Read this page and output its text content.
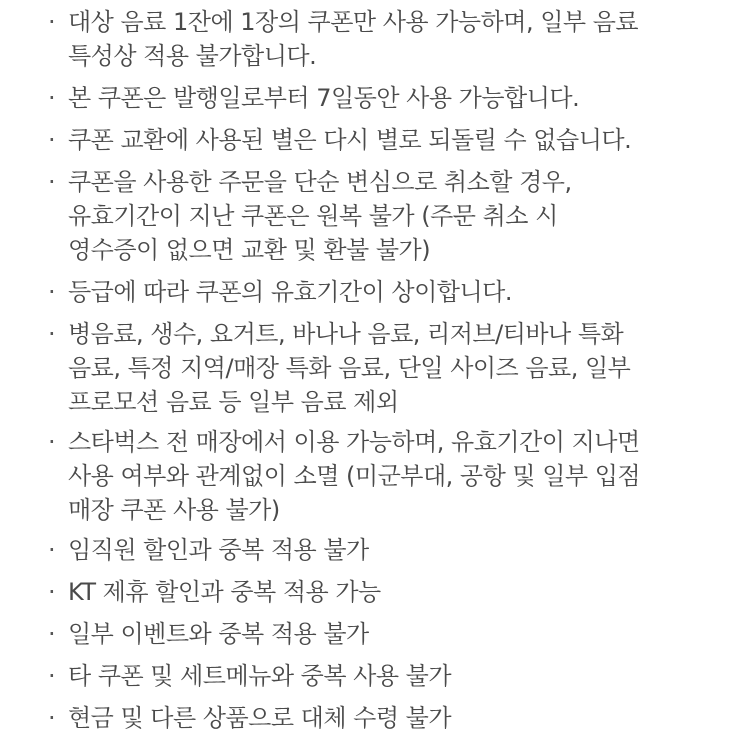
· 대상 음료 1잔에 1장의 쿠폰만 사용 가능하며, 일부 음료
특성상 적용 불가합니다.
· 본 쿠폰은 발행일로부터 7일동안 사용 가능합니다.
· 쿠폰 교환에 사용된 별은 다시 별로 되돌릴 수 없습니다.
· 쿠폰을 사용한 주문을 단순 변심으로 취소할 경우,
유효기간이 지난 쿠폰은 원복 불가 (주문 취소 시
영수증이 없으면 교환 및 환불 불가)
· 등급에 따라 쿠폰의 유효기간이 상이합니다.
· 병음료, 생수, 요거트, 바나나 음료, 리저브/티바나 특화
음료, 특정 지역/매장 특화 음료, 단일 사이즈 음료, 일부
프로모션 음료 등 일부 음료 제외
· 스타벅스 전 매장에서 이용 가능하며, 유효기간이 지나면
사용 여부와 관계없이 소멸 (미군부대, 공항 및 일부 입점
매장 쿠폰 사용 불가)
· 임직원 할인과 중복 적용 불가
· KT 제휴 할인과 중복 적용 가능
· 일부 이벤트와 중복 적용 불가
· 타 쿠폰 및 세트메뉴와 중복 사용 불가
· 현금 및 다른 상품으로 대체 수령 불가
